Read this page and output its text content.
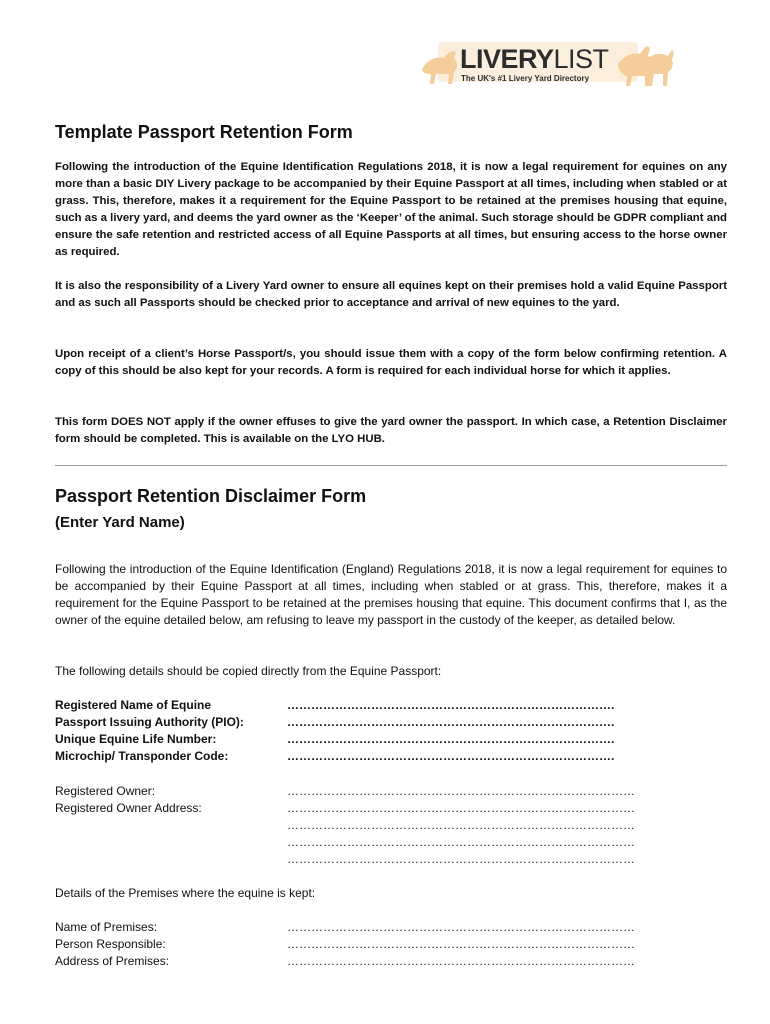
LIVERYLIST
The UK's #1 Livery Yard Directory
Template Passport Retention Form
Following the introduction of the Equine Identification Regulations 2018, it is now a legal requirement for equines on any more than a basic DIY Livery package to be accompanied by their Equine Passport at all times, including when stabled or at grass. This, therefore, makes it a requirement for the Equine Passport to be retained at the premises housing that equine, such as a livery yard, and deems the yard owner as the ‘Keeper’ of the animal. Such storage should be GDPR compliant and ensure the safe retention and restricted access of all Equine Passports at all times, but ensuring access to the horse owner as required.
It is also the responsibility of a Livery Yard owner to ensure all equines kept on their premises hold a valid Equine Passport and as such all Passports should be checked prior to acceptance and arrival of new equines to the yard.
Upon receipt of a client’s Horse Passport/s, you should issue them with a copy of the form below confirming retention. A copy of this should be also kept for your records. A form is required for each individual horse for which it applies.
This form DOES NOT apply if the owner effuses to give the yard owner the passport. In which case, a Retention Disclaimer form should be completed. This is available on the LYO HUB.
Passport Retention Disclaimer Form
(Enter Yard Name)
Following the introduction of the Equine Identification (England) Regulations 2018, it is now a legal requirement for equines to be accompanied by their Equine Passport at all times, including when stabled or at grass. This, therefore, makes it a requirement for the Equine Passport to be retained at the premises housing that equine. This document confirms that I, as the owner of the equine detailed below, am refusing to leave my passport in the custody of the keeper, as detailed below.
The following details should be copied directly from the Equine Passport:
Registered Name of Equine	……………………………………………………………………….
Passport Issuing Authority (PIO):	……………………………………………………………………….
Unique Equine Life Number:	……………………………………………………………………….
Microchip/ Transponder Code:	……………………………………………………………………….
Registered Owner:	……………………………………………………………………………
Registered Owner Address:	……………………………………………………………………………
……………………………………………………………………………
……………………………………………………………………………
……………………………………………………………………………
Details of the Premises where the equine is kept:
Name of Premises:	……………………………………………………………………………
Person Responsible:	……………………………………………………………………………
Address of Premises:	……………………………………………………………………………
